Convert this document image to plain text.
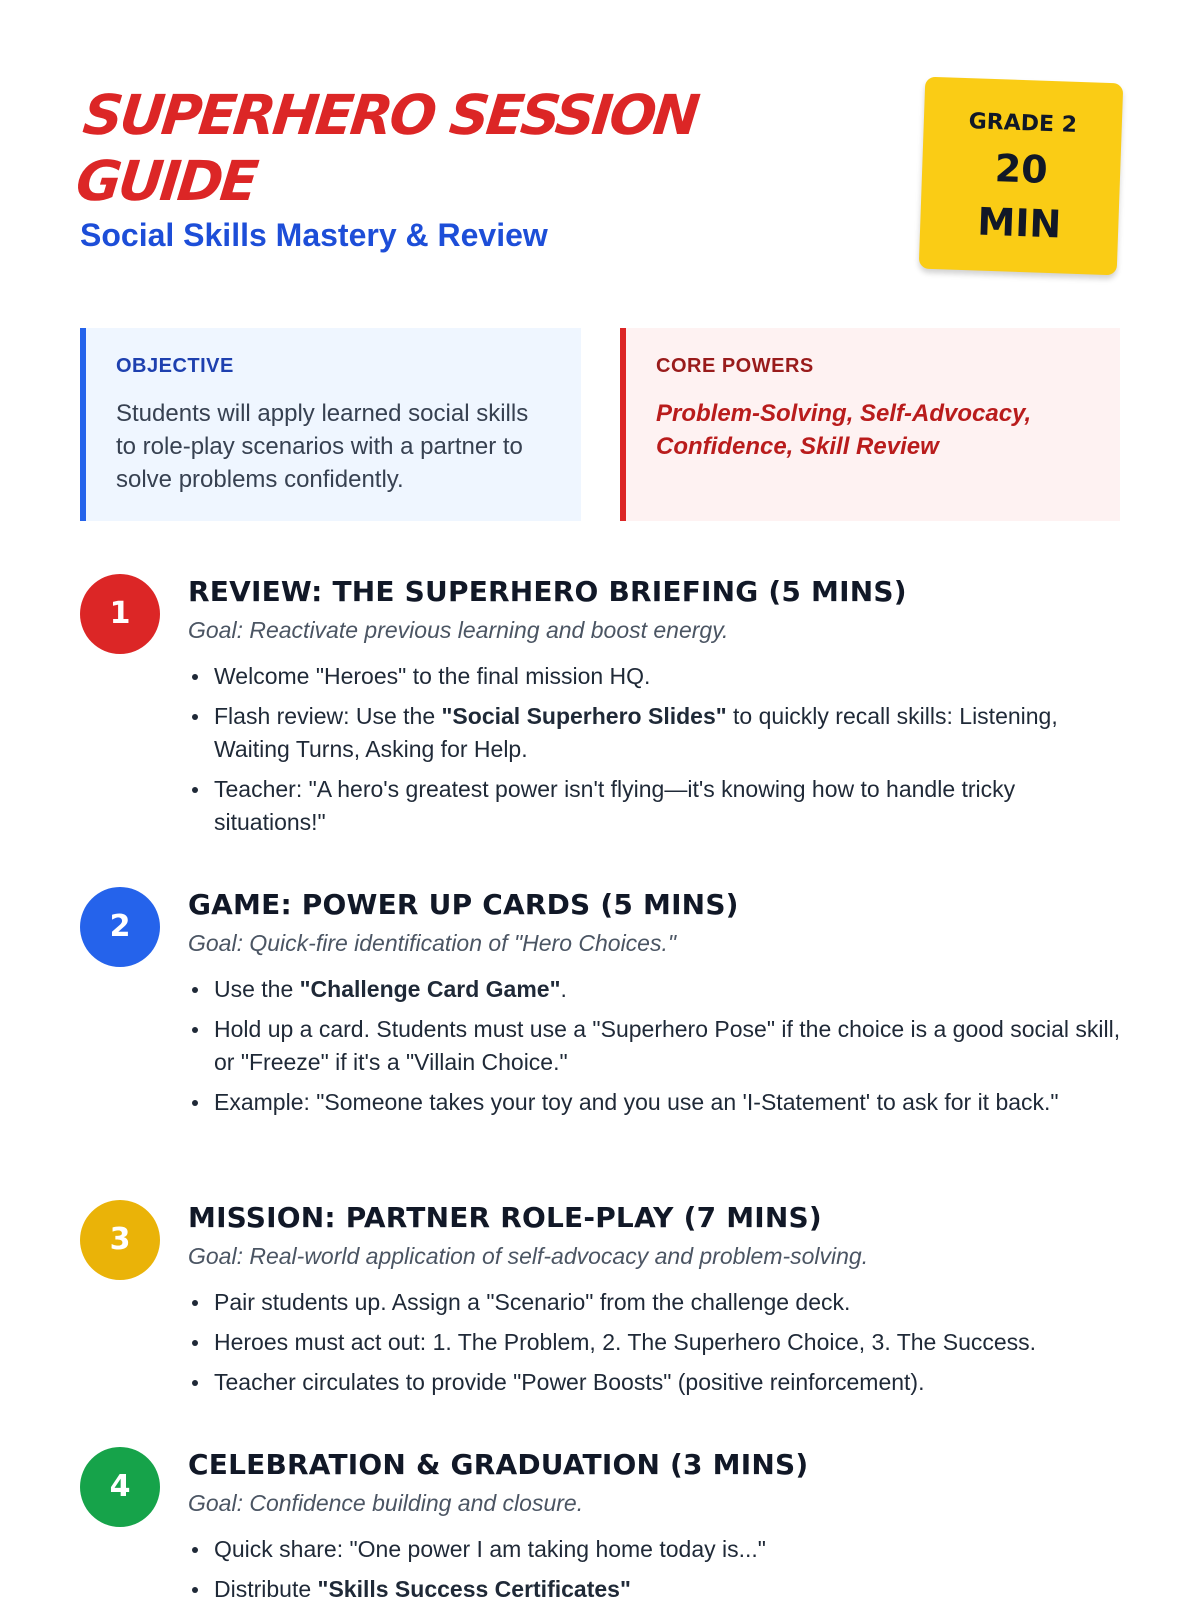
SUPERHERO SESSION GUIDE
Social Skills Mastery & Review
GRADE 2
20 MIN
OBJECTIVE
Students will apply learned social skills to role-play scenarios with a partner to solve problems confidently.
CORE POWERS
Problem-Solving, Self-Advocacy, Confidence, Skill Review
1
REVIEW: THE SUPERHERO BRIEFING (5 MINS)
Goal: Reactivate previous learning and boost energy.
Welcome "Heroes" to the final mission HQ.
Flash review: Use the "Social Superhero Slides" to quickly recall skills: Listening, Waiting Turns, Asking for Help.
Teacher: "A hero's greatest power isn't flying—it's knowing how to handle tricky situations!"
2
GAME: POWER UP CARDS (5 MINS)
Goal: Quick-fire identification of "Hero Choices."
Use the "Challenge Card Game".
Hold up a card. Students must use a "Superhero Pose" if the choice is a good social skill, or "Freeze" if it's a "Villain Choice."
Example: "Someone takes your toy and you use an 'I-Statement' to ask for it back."
3
MISSION: PARTNER ROLE-PLAY (7 MINS)
Goal: Real-world application of self-advocacy and problem-solving.
Pair students up. Assign a "Scenario" from the challenge deck.
Heroes must act out: 1. The Problem, 2. The Superhero Choice, 3. The Success.
Teacher circulates to provide "Power Boosts" (positive reinforcement).
4
CELEBRATION & GRADUATION (3 MINS)
Goal: Confidence building and closure.
Quick share: "One power I am taking home today is..."
Distribute "Skills Success Certificates"
